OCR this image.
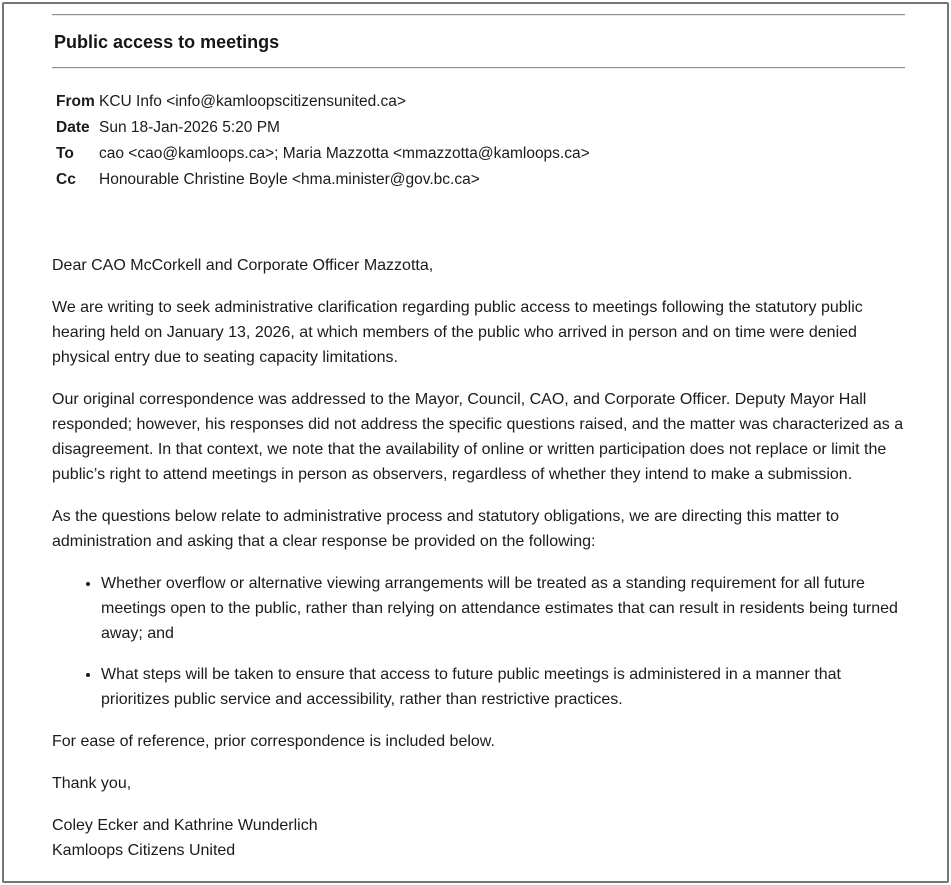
Public access to meetings
From KCU Info <info@kamloopscitizensunited.ca>
Date Sun 18-Jan-2026 5:20 PM
To	cao <cao@kamloops.ca>; Maria Mazzotta <mmazzotta@kamloops.ca>
Cc	Honourable Christine Boyle <hma.minister@gov.bc.ca>

Dear CAO McCorkell and Corporate Officer Mazzotta,

We are writing to seek administrative clarification regarding public access to meetings following the statutory public hearing held on January 13, 2026, at which members of the public who arrived in person and on time were denied physical entry due to seating capacity limitations.

Our original correspondence was addressed to the Mayor, Council, CAO, and Corporate Officer. Deputy Mayor Hall responded; however, his responses did not address the specific questions raised, and the matter was characterized as a disagreement. In that context, we note that the availability of online or written participation does not replace or limit the public’s right to attend meetings in person as observers, regardless of whether they intend to make a submission.

As the questions below relate to administrative process and statutory obligations, we are directing this matter to administration and asking that a clear response be provided on the following:

• Whether overflow or alternative viewing arrangements will be treated as a standing requirement for all future meetings open to the public, rather than relying on attendance estimates that can result in residents being turned away; and
• What steps will be taken to ensure that access to future public meetings is administered in a manner that prioritizes public service and accessibility, rather than restrictive practices.

For ease of reference, prior correspondence is included below.

Thank you,

Coley Ecker and Kathrine Wunderlich
Kamloops Citizens United
